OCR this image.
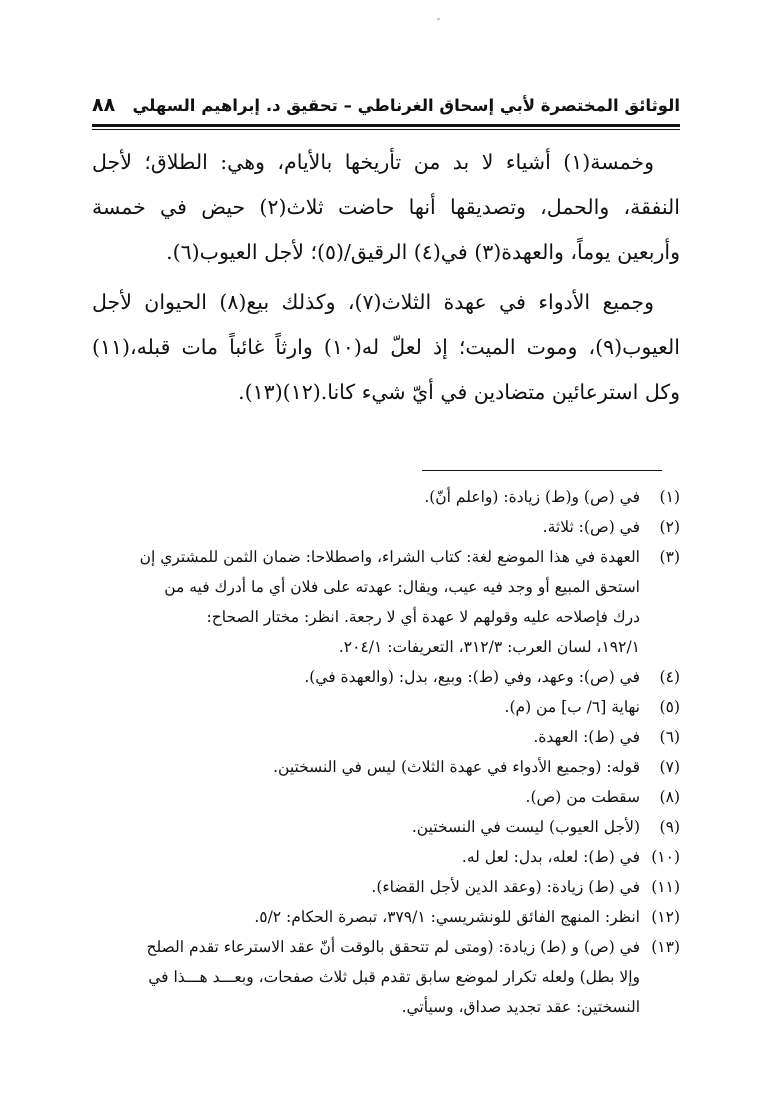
الوثائق المختصرة لأبي إسحاق الغرناطي – تحقيق د. إبراهيم السهلي
٨٨

وخمسة(١) أشياء لا بد من تأريخها بالأيام، وهي: الطلاق؛ لأجل النفقة، والحمل، وتصديقها أنها حاضت ثلاث(٢) حيض في خمسة وأربعين يوماً، والعهدة(٣) في(٤) الرقيق/(٥)؛ لأجل العيوب(٦).

وجميع الأدواء في عهدة الثلاث(٧)، وكذلك بيع(٨) الحيوان لأجل العيوب(٩)، وموت الميت؛ إذ لعلّ له(١٠) وارثاً غائباً مات قبله،(١١) وكل استرعائين متضادين في أيّ شيء كانا.(١٢)(١٣).

(١)
في (ص) و(ط) زيادة: (واعلم أنّ).
(٢)
في (ص): ثلاثة.
(٣)
العهدة في هذا الموضع لغة: كتاب الشراء، واصطلاحا: ضمان الثمن للمشتري إن
استحق المبيع أو وجد فيه عيب، ويقال: عهدته على فلان أي ما أدرك فيه من
درك فإصلاحه عليه وقولهم لا عهدة أي لا رجعة. انظر: مختار الصحاح:
١٩٢/١، لسان العرب: ٣١٢/٣، التعريفات: ٢٠٤/١.
(٤)
في (ص): وعهد، وفي (ط): وبيع، بدل: (والعهدة في).
(٥)
نهاية [٦/ ب] من (م).
(٦)
في (ط): العهدة.
(٧)
قوله: (وجميع الأدواء في عهدة الثلاث) ليس في النسختين.
(٨)
سقطت من (ص).
(٩)
(لأجل العيوب) ليست في النسختين.
(١٠)
في (ط): لعله، بدل: لعل له.
(١١)
في (ط) زيادة: (وعقد الدين لأجل القضاء).
(١٢)
انظر: المنهج الفائق للونشريسي: ٣٧٩/١، تبصرة الحكام: ٥/٢.
(١٣)
في (ص) و (ط) زيادة: (ومتى لم تتحقق بالوقت أنّ عقد الاسترعاء تقدم الصلح
وإلا بطل) ولعله تكرار لموضع سابق تقدم قبل ثلاث صفحات، وبعـــد هـــذا في
النسختين: عقد تجديد صداق، وسيأتي.
